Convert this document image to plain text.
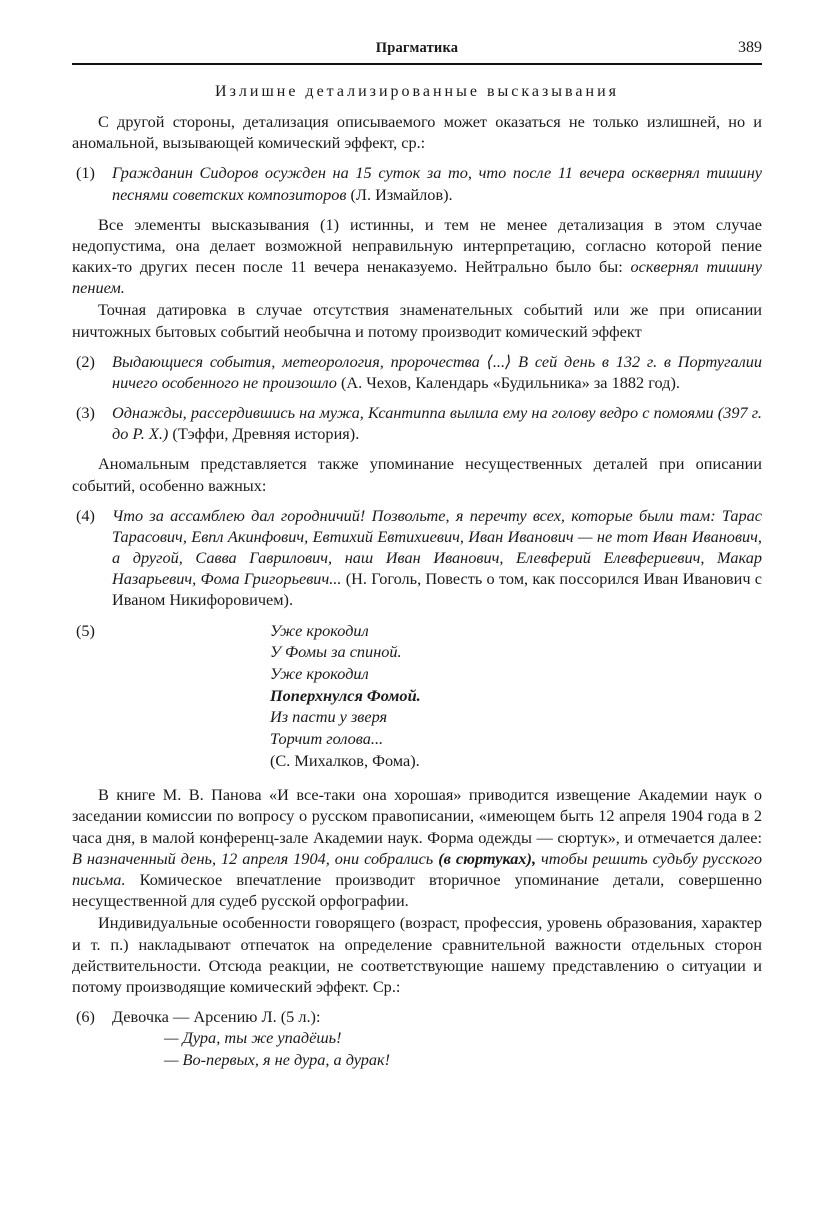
Прагматика	389
Излишне детализированные высказывания

С другой стороны, детализация описываемого может оказаться не только излишней, но и аномальной, вызывающей комический эффект, ср.:

(1)	Гражданин Сидоров осужден на 15 суток за то, что после 11 вечера осквернял тишину песнями советских композиторов (Л. Измайлов).

Все элементы высказывания (1) истинны, и тем не менее детализация в этом случае недопустима, она делает возможной неправильную интерпретацию, согласно которой пение каких-то других песен после 11 вечера ненаказуемо. Нейтрально было бы: осквернял тишину пением.

Точная датировка в случае отсутствия знаменательных событий или же при описании ничтожных бытовых событий необычна и потому производит комический эффект

(2)	Выдающиеся события, метеорология, пророчества ⟨...⟩ В сей день в 132 г. в Португалии ничего особенного не произошло (А. Чехов, Календарь «Будильника» за 1882 год).
(3)	Однажды, рассердившись на мужа, Ксантиппа вылила ему на голову ведро с помоями (397 г. до Р. Х.) (Тэффи, Древняя история).

Аномальным представляется также упоминание несущественных деталей при описании событий, особенно важных:

(4)	Что за ассамблею дал городничий! Позвольте, я перечту всех, которые были там: Тарас Тарасович, Евпл Акинфович, Евтихий Евтихиевич, Иван Иванович — не тот Иван Иванович, а другой, Савва Гаврилович, наш Иван Иванович, Елевферий Елевфериевич, Макар Назарьевич, Фома Григорьевич... (Н. Гоголь, Повесть о том, как поссорился Иван Иванович с Иваном Никифоровичем).
(5)	Уже крокодил
У Фомы за спиной.
Уже крокодил
Поперхнулся Фомой.
Из пасти у зверя
Торчит голова...
(С. Михалков, Фома).

В книге М. В. Панова «И все-таки она хорошая» приводится извещение Академии наук о заседании комиссии по вопросу о русском правописании, «имеющем быть 12 апреля 1904 года в 2 часа дня, в малой конференц-зале Академии наук. Форма одежды — сюртук», и отмечается далее: В назначенный день, 12 апреля 1904, они собрались (в сюртуках), чтобы решить судьбу русского письма. Комическое впечатление производит вторичное упоминание детали, совершенно несущественной для судеб русской орфографии.

Индивидуальные особенности говорящего (возраст, профессия, уровень образования, характер и т. п.) накладывают отпечаток на определение сравнительной важности отдельных сторон действительности. Отсюда реакции, не соответствующие нашему представлению о ситуации и потому производящие комический эффект. Ср.:

(6)	Девочка — Арсению Л. (5 л.):
— Дура, ты же упадёшь!
— Во-первых, я не дура, а дурак!
